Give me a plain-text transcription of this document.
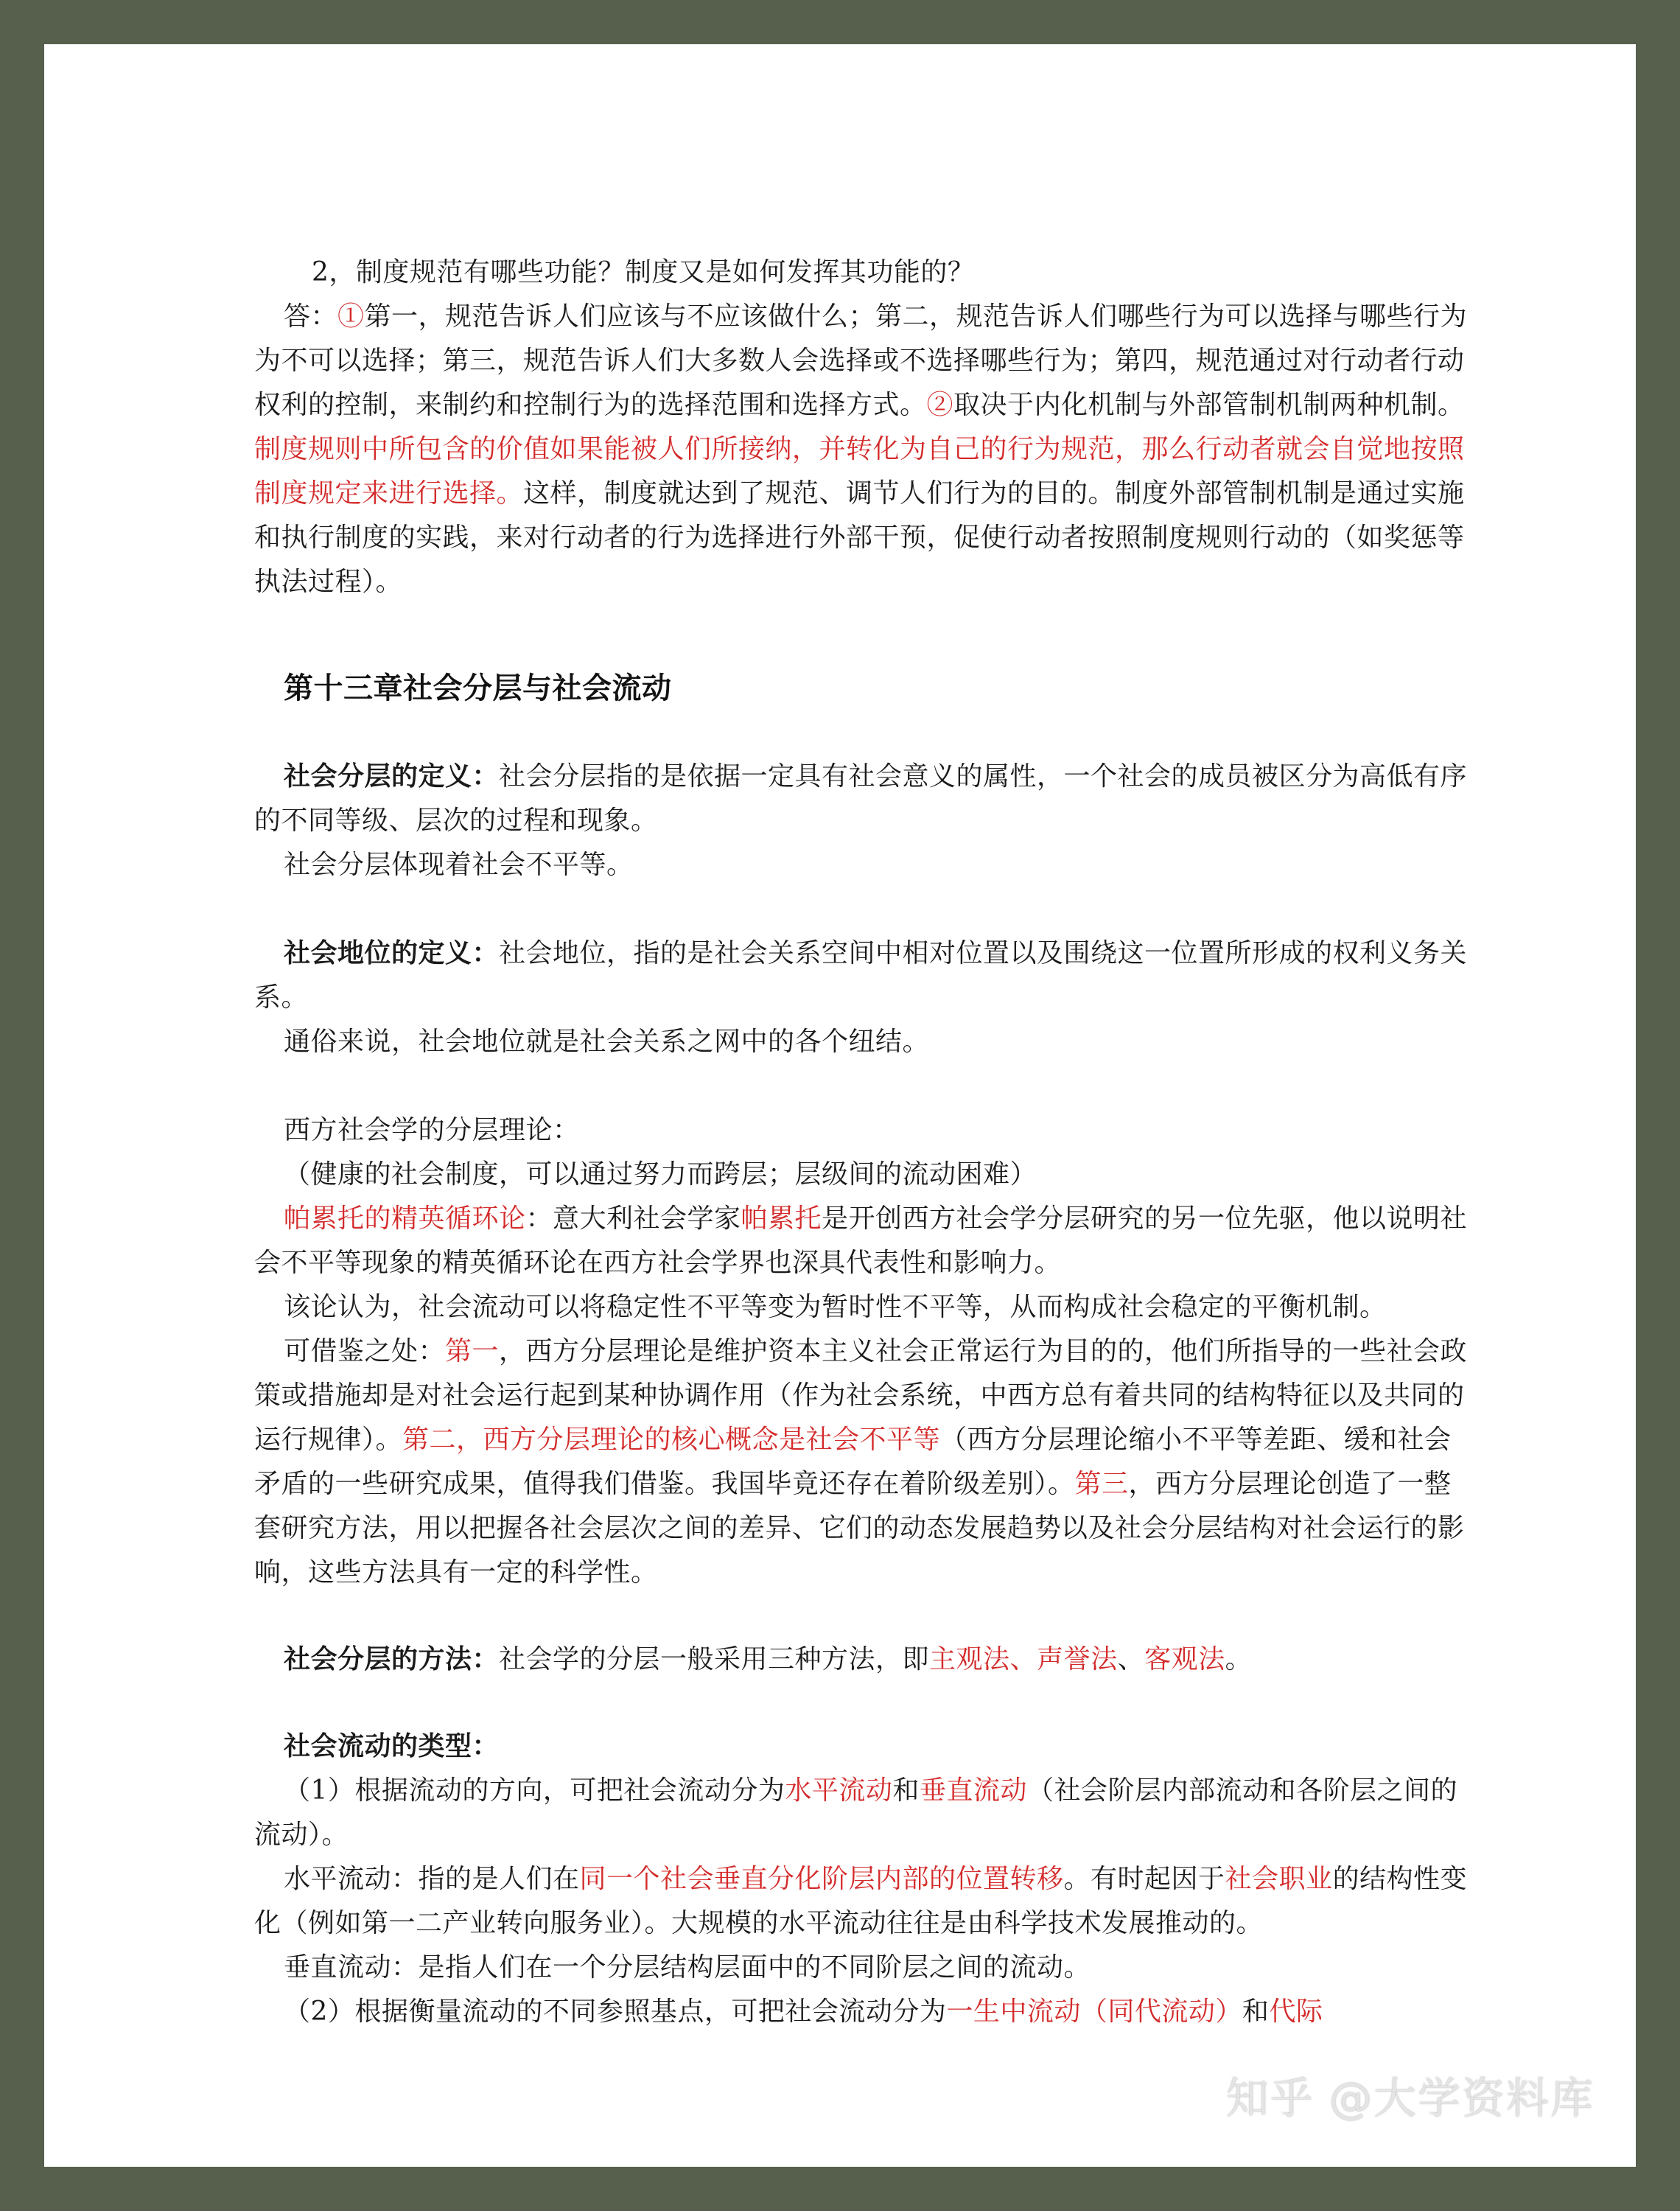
2，制度规范有哪些功能？制度又是如何发挥其功能的？

答：①第一，规范告诉人们应该与不应该做什么；第二，规范告诉人们哪些行为可以选择与哪些行为为不可以选择；第三，规范告诉人们大多数人会选择或不选择哪些行为；第四，规范通过对行动者行动权利的控制，来制约和控制行为的选择范围和选择方式。②取决于内化机制与外部管制机制两种机制。制度规则中所包含的价值如果能被人们所接纳，并转化为自己的行为规范，那么行动者就会自觉地按照制度规定来进行选择。这样，制度就达到了规范、调节人们行为的目的。制度外部管制机制是通过实施和执行制度的实践，来对行动者的行为选择进行外部干预，促使行动者按照制度规则行动的（如奖惩等执法过程）。

第十三章社会分层与社会流动

社会分层的定义：社会分层指的是依据一定具有社会意义的属性，一个社会的成员被区分为高低有序的不同等级、层次的过程和现象。

社会分层体现着社会不平等。

社会地位的定义：社会地位，指的是社会关系空间中相对位置以及围绕这一位置所形成的权利义务关系。

通俗来说，社会地位就是社会关系之网中的各个纽结。

西方社会学的分层理论：

（健康的社会制度，可以通过努力而跨层；层级间的流动困难）

帕累托的精英循环论：意大利社会学家帕累托是开创西方社会学分层研究的另一位先驱，他以说明社会不平等现象的精英循环论在西方社会学界也深具代表性和影响力。

该论认为，社会流动可以将稳定性不平等变为暂时性不平等，从而构成社会稳定的平衡机制。

可借鉴之处：第一，西方分层理论是维护资本主义社会正常运行为目的的，他们所指导的一些社会政策或措施却是对社会运行起到某种协调作用（作为社会系统，中西方总有着共同的结构特征以及共同的运行规律）。第二，西方分层理论的核心概念是社会不平等（西方分层理论缩小不平等差距、缓和社会矛盾的一些研究成果，值得我们借鉴。我国毕竟还存在着阶级差别）。第三，西方分层理论创造了一整套研究方法，用以把握各社会层次之间的差异、它们的动态发展趋势以及社会分层结构对社会运行的影响，这些方法具有一定的科学性。

社会分层的方法：社会学的分层一般采用三种方法，即主观法、声誉法、客观法。

社会流动的类型：

（1）根据流动的方向，可把社会流动分为水平流动和垂直流动（社会阶层内部流动和各阶层之间的流动）。

水平流动：指的是人们在同一个社会垂直分化阶层内部的位置转移。有时起因于社会职业的结构性变化（例如第一二产业转向服务业）。大规模的水平流动往往是由科学技术发展推动的。

垂直流动：是指人们在一个分层结构层面中的不同阶层之间的流动。

（2）根据衡量流动的不同参照基点，可把社会流动分为一生中流动（同代流动）和代际

知乎 @大学资料库
